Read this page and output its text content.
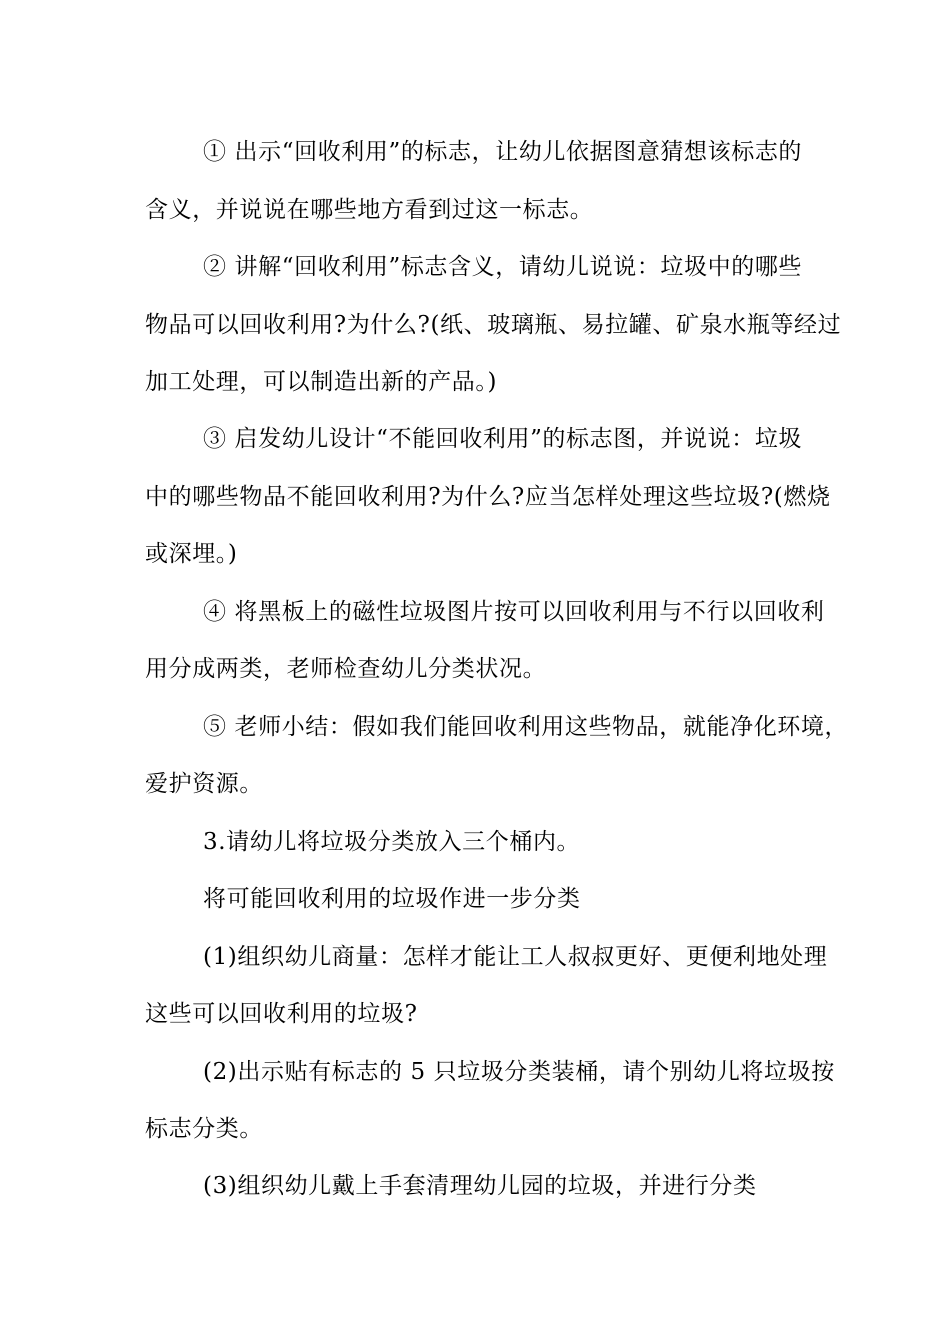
① 出示“回收利用”的标志，让幼儿依据图意猜想该标志的
含义，并说说在哪些地方看到过这一标志。
② 讲解“回收利用”标志含义，请幼儿说说：垃圾中的哪些
物品可以回收利用?为什么?(纸、玻璃瓶、易拉罐、矿泉水瓶等经过
加工处理，可以制造出新的产品。)
③ 启发幼儿设计“不能回收利用”的标志图，并说说：垃圾
中的哪些物品不能回收利用?为什么?应当怎样处理这些垃圾?(燃烧
或深埋。)
④ 将黑板上的磁性垃圾图片按可以回收利用与不行以回收利
用分成两类，老师检查幼儿分类状况。
⑤ 老师小结：假如我们能回收利用这些物品，就能净化环境，
爱护资源。
3.请幼儿将垃圾分类放入三个桶内。
将可能回收利用的垃圾作进一步分类
(1)组织幼儿商量：怎样才能让工人叔叔更好、更便利地处理
这些可以回收利用的垃圾?
(2)出示贴有标志的 5 只垃圾分类装桶，请个别幼儿将垃圾按
标志分类。
(3)组织幼儿戴上手套清理幼儿园的垃圾，并进行分类
